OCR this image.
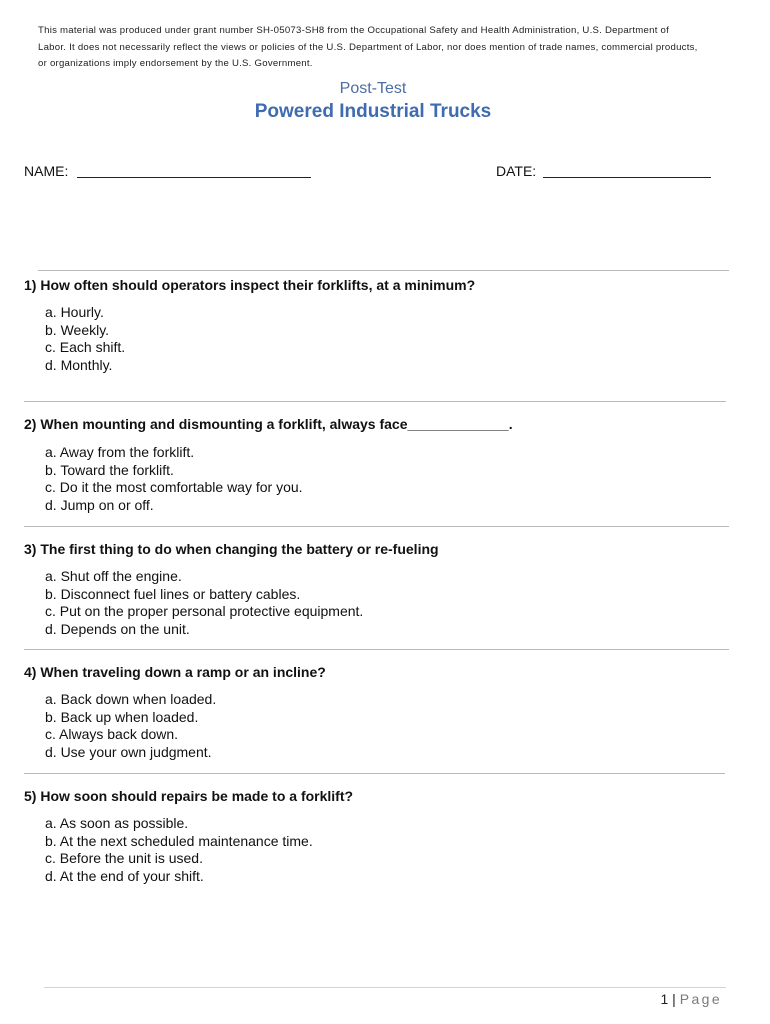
This material was produced under grant number SH-05073-SH8 from the Occupational Safety and Health Administration, U.S. Department of Labor. It does not necessarily reflect the views or policies of the U.S. Department of Labor, nor does mention of trade names, commercial products, or organizations imply endorsement by the U.S. Government.
Post-Test
Powered Industrial Trucks
NAME:	DATE:
1) How often should operators inspect their forklifts, at a minimum?
a. Hourly.
b. Weekly.
c. Each shift.
d. Monthly.
2) When mounting and dismounting a forklift, always face_____________.
a. Away from the forklift.
b. Toward the forklift.
c. Do it the most comfortable way for you.
d. Jump on or off.
3) The first thing to do when changing the battery or re-fueling
a. Shut off the engine.
b. Disconnect fuel lines or battery cables.
c. Put on the proper personal protective equipment.
d. Depends on the unit.
4) When traveling down a ramp or an incline?
a. Back down when loaded.
b. Back up when loaded.
c. Always back down.
d. Use your own judgment.
5) How soon should repairs be made to a forklift?
a. As soon as possible.
b. At the next scheduled maintenance time.
c. Before the unit is used.
d. At the end of your shift.
1 | Page
